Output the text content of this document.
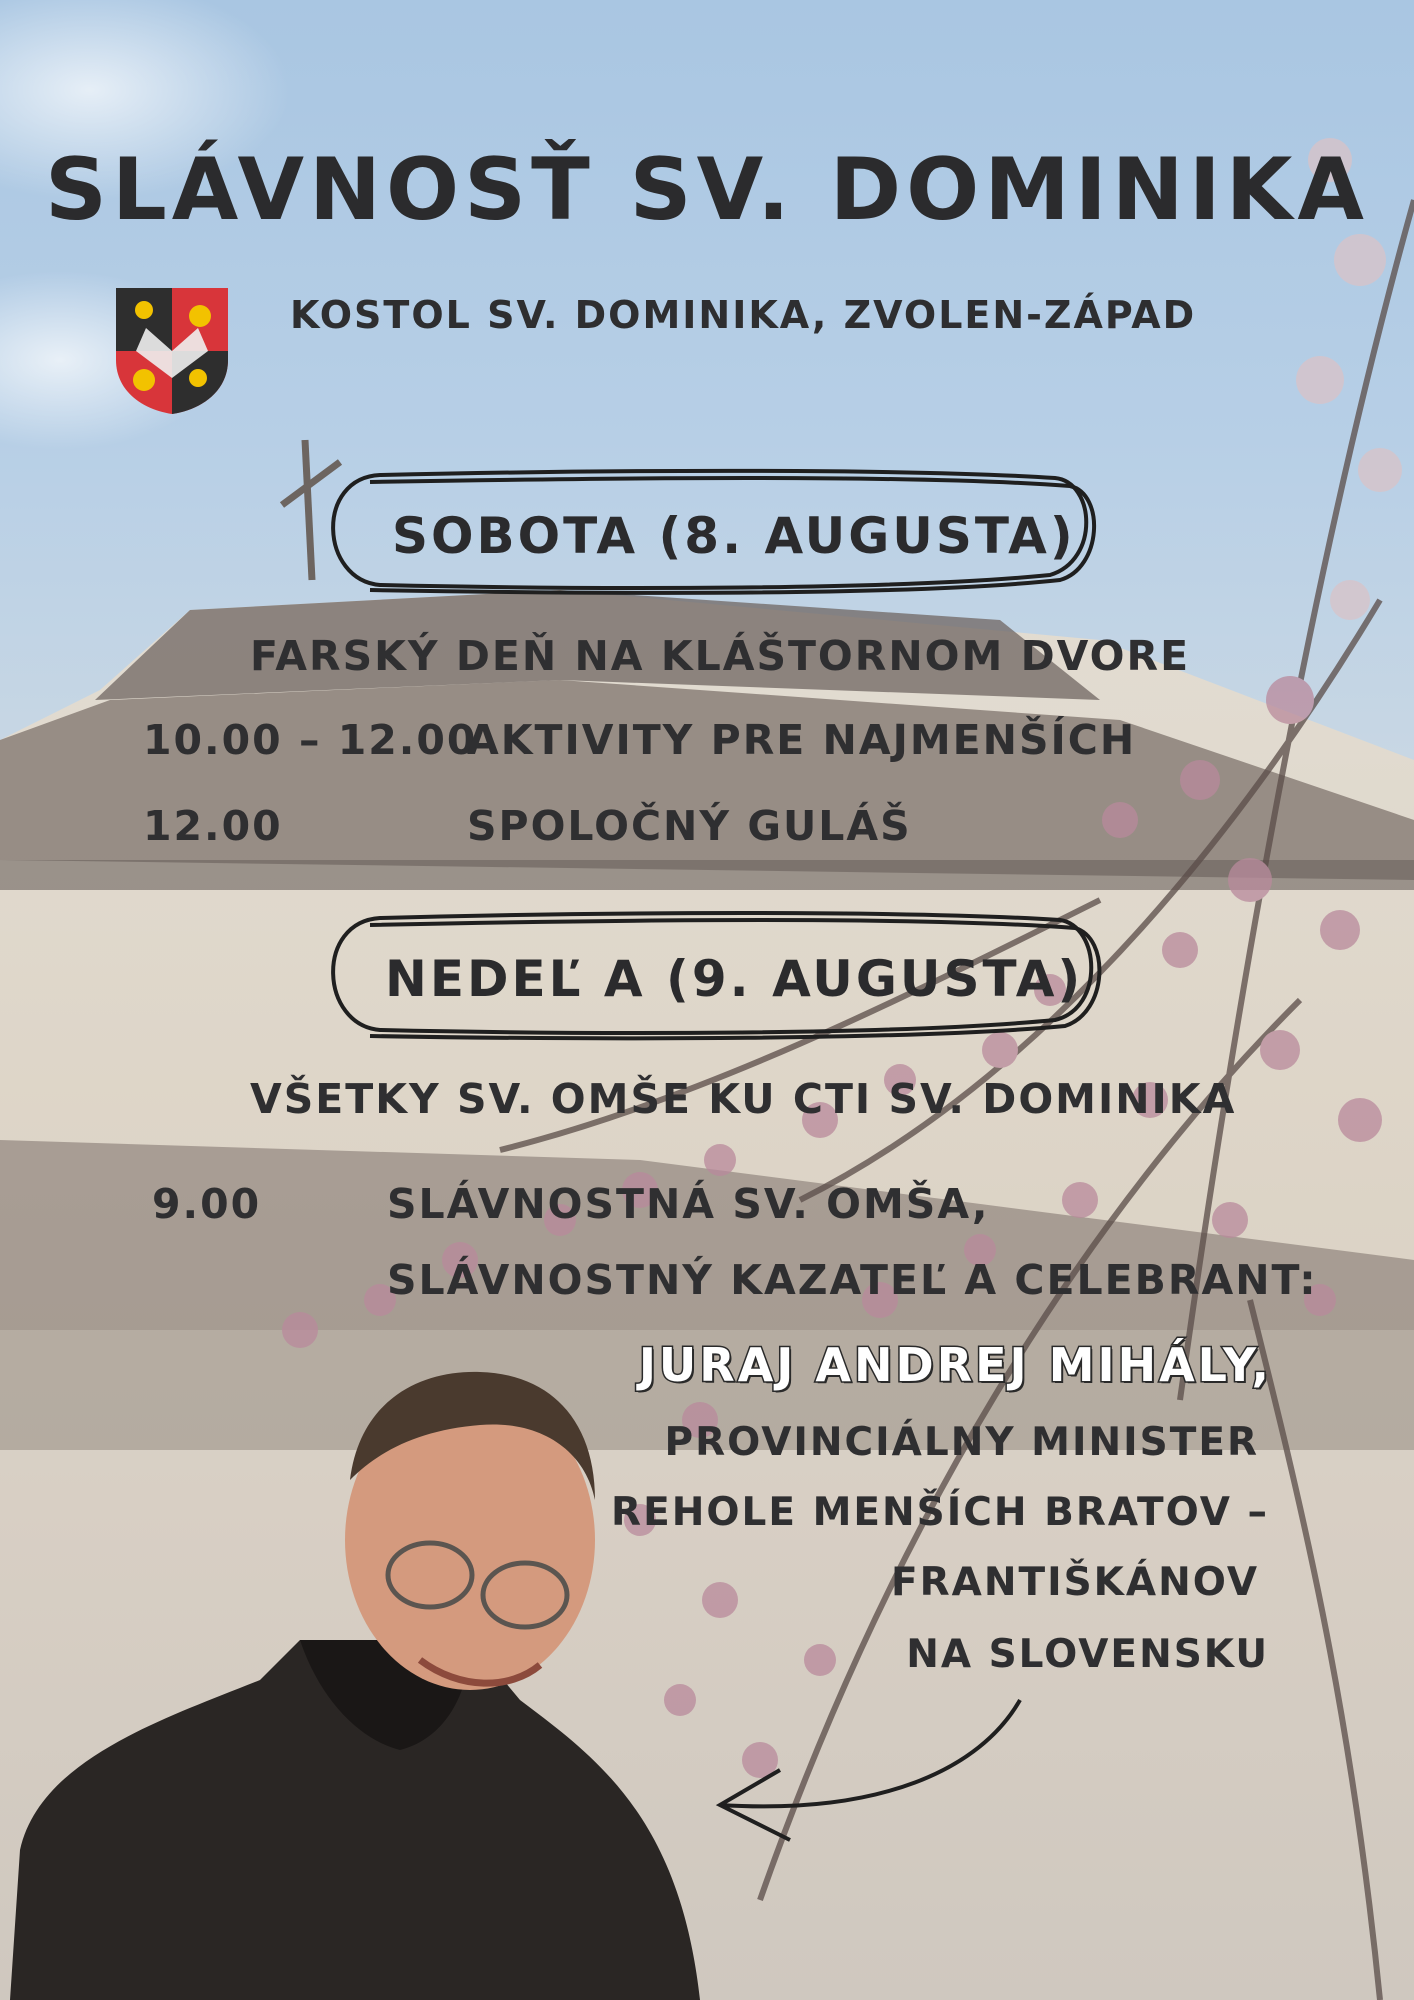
SLÁVNOSŤ SV. DOMINIKA
KOSTOL SV. DOMINIKA, ZVOLEN-ZÁPAD
SOBOTA (8. AUGUSTA)
FARSKÝ DEŇ NA KLÁŠTORNOM DVORE
10.00 – 12.00
AKTIVITY PRE NAJMENŠÍCH
12.00	SPOLOČNÝ GULÁŠ
NEDEĽ A (9. AUGUSTA)
VŠETKY SV. OMŠE KU CTI SV. DOMINIKA
9.00	SLÁVNOSTNÁ SV. OMŠA,
SLÁVNOSTNÝ KAZATEĽ A CELEBRANT:
JURAJ ANDREJ MIHÁLY,
PROVINCIÁLNY MINISTER
REHOLE MENŠÍCH BRATOV –
FRANTIŠKÁNOV
NA SLOVENSKU
